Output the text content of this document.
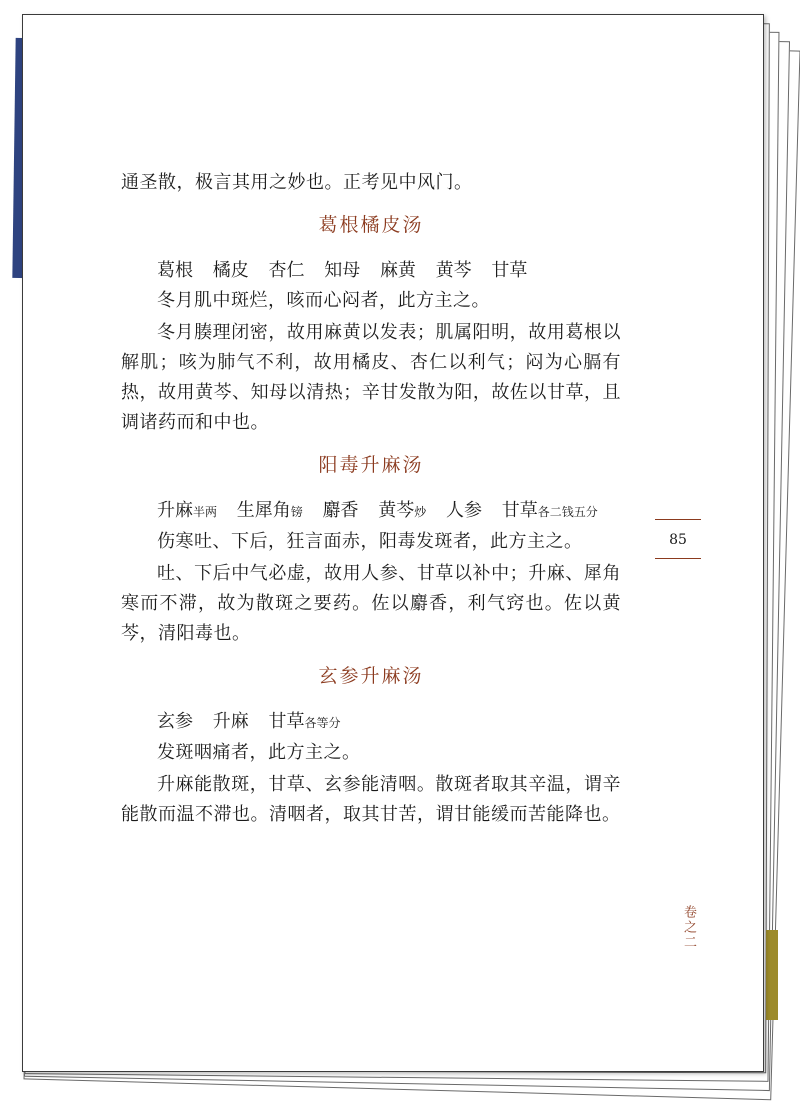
通圣散，极言其用之妙也。正考见中风门。

葛根橘皮汤

葛根 橘皮 杏仁 知母 麻黄 黄芩 甘草

冬月肌中斑烂，咳而心闷者，此方主之。

冬月腠理闭密，故用麻黄以发表；肌属阳明，故用葛根以解肌；咳为肺气不利，故用橘皮、杏仁以利气；闷为心膈有热，故用黄芩、知母以清热；辛甘发散为阳，故佐以甘草，且调诸药而和中也。

阳毒升麻汤

升麻半两 生犀角镑 麝香 黄芩炒 人参 甘草各二钱五分

伤寒吐、下后，狂言面赤，阳毒发斑者，此方主之。

吐、下后中气必虚，故用人参、甘草以补中；升麻、犀角寒而不滞，故为散斑之要药。佐以麝香，利气窍也。佐以黄芩，清阳毒也。

玄参升麻汤

玄参 升麻 甘草各等分

发斑咽痛者，此方主之。

升麻能散斑，甘草、玄参能清咽。散斑者取其辛温，谓辛能散而温不滞也。清咽者，取其甘苦，谓甘能缓而苦能降也。

85
卷之二
